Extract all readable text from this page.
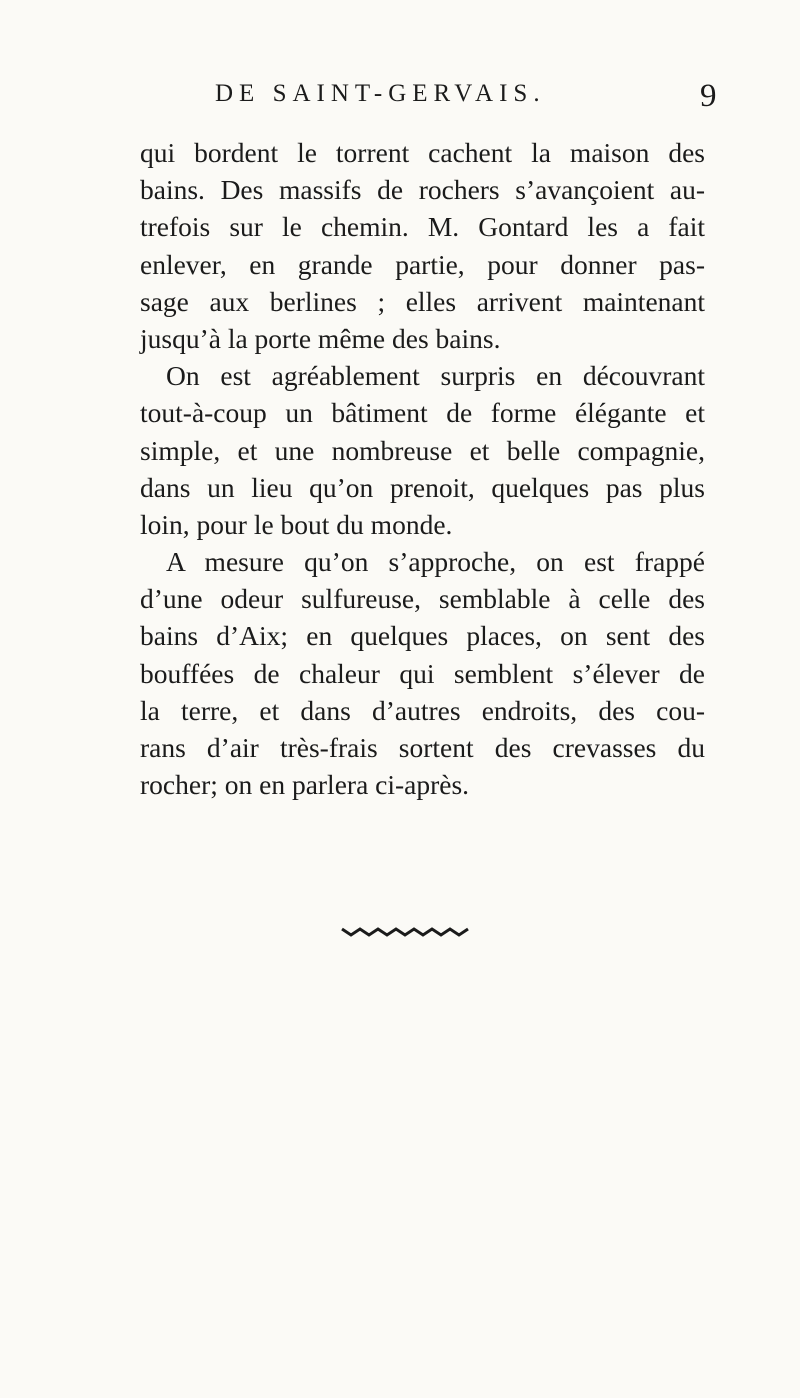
DE SAINT-GERVAIS.	9
qui bordent le torrent cachent la maison des
bains. Des massifs de rochers s’avançoient au-
trefois sur le chemin. M. Gontard les a fait
enlever, en grande partie, pour donner pas-
sage aux berlines ; elles arrivent maintenant
jusqu’à la porte même des bains.
On est agréablement surpris en découvrant
tout-à-coup un bâtiment de forme élégante et
simple, et une nombreuse et belle compagnie,
dans un lieu qu’on prenoit, quelques pas plus
loin, pour le bout du monde.
A mesure qu’on s’approche, on est frappé
d’une odeur sulfureuse, semblable à celle des
bains d’Aix; en quelques places, on sent des
bouffées de chaleur qui semblent s’élever de
la terre, et dans d’autres endroits, des cou-
rans d’air très-frais sortent des crevasses du
rocher; on en parlera ci-après.
